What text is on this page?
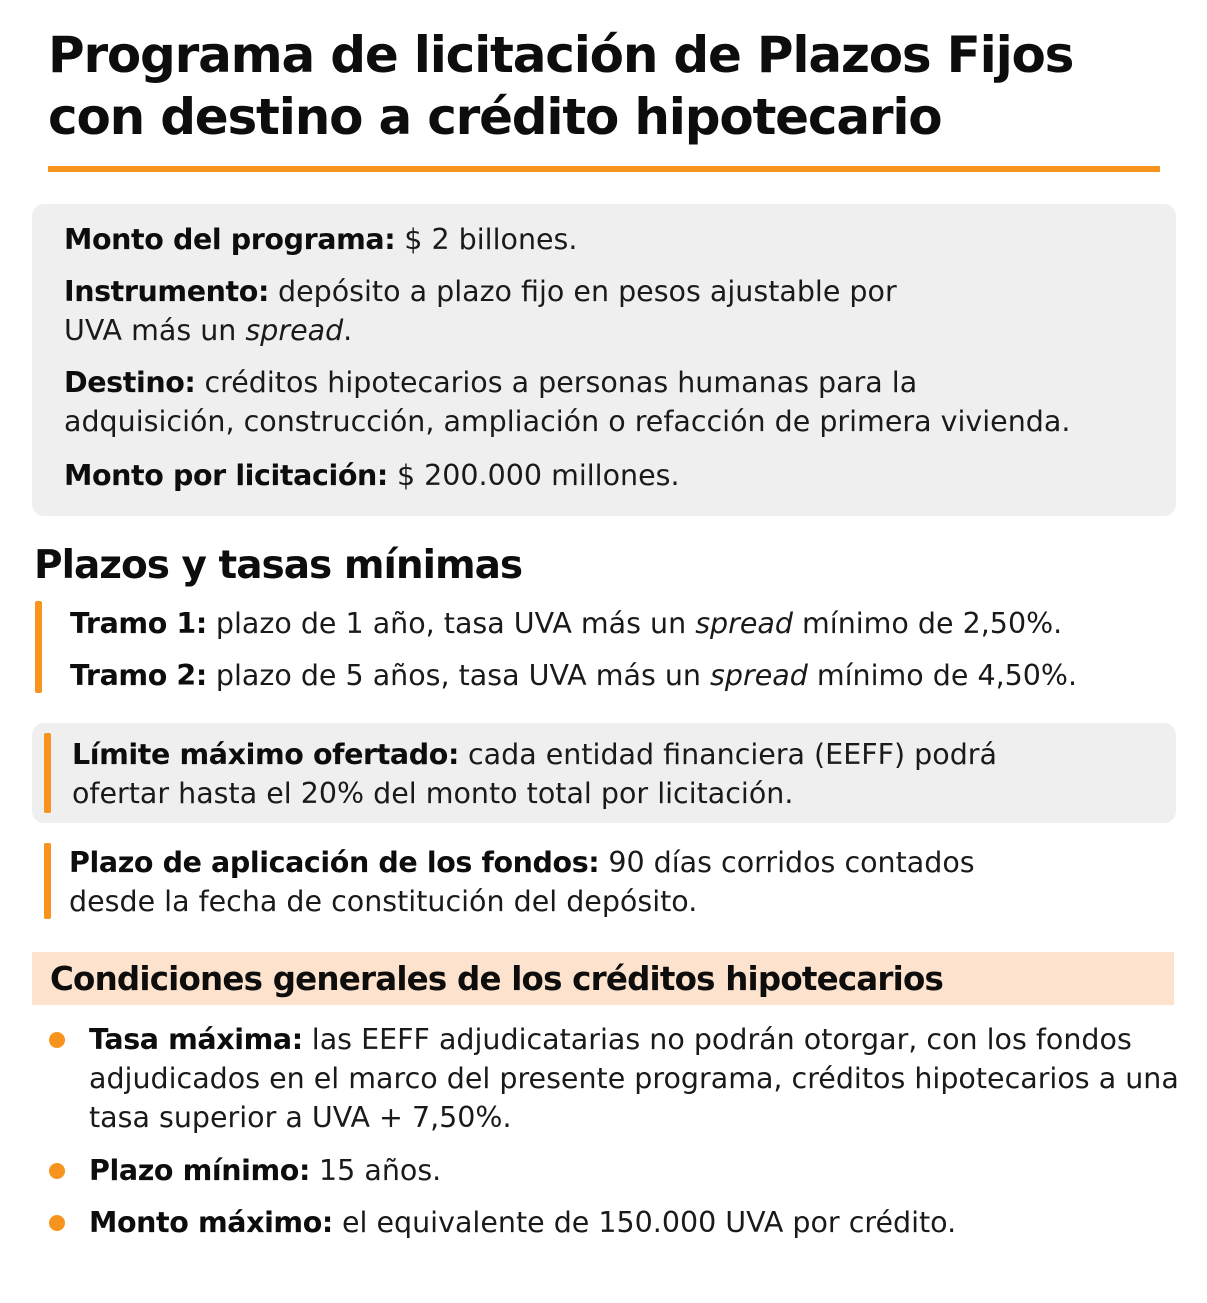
Programa de licitación de Plazos Fijos
con destino a crédito hipotecario

Monto del programa: $ 2 billones.

Instrumento: depósito a plazo fijo en pesos ajustable por
UVA más un spread.

Destino: créditos hipotecarios a personas humanas para la
adquisición, construcción, ampliación o refacción de primera vivienda.

Monto por licitación: $ 200.000 millones.

Plazos y tasas mínimas

Tramo 1: plazo de 1 año, tasa UVA más un spread mínimo de 2,50%.

Tramo 2: plazo de 5 años, tasa UVA más un spread mínimo de 4,50%.

Límite máximo ofertado: cada entidad financiera (EEFF) podrá
ofertar hasta el 20% del monto total por licitación.

Plazo de aplicación de los fondos: 90 días corridos contados
desde la fecha de constitución del depósito.

Condiciones generales de los créditos hipotecarios

Tasa máxima: las EEFF adjudicatarias no podrán otorgar, con los fondos
adjudicados en el marco del presente programa, créditos hipotecarios a una
tasa superior a UVA + 7,50%.

Plazo mínimo: 15 años.

Monto máximo: el equivalente de 150.000 UVA por crédito.
